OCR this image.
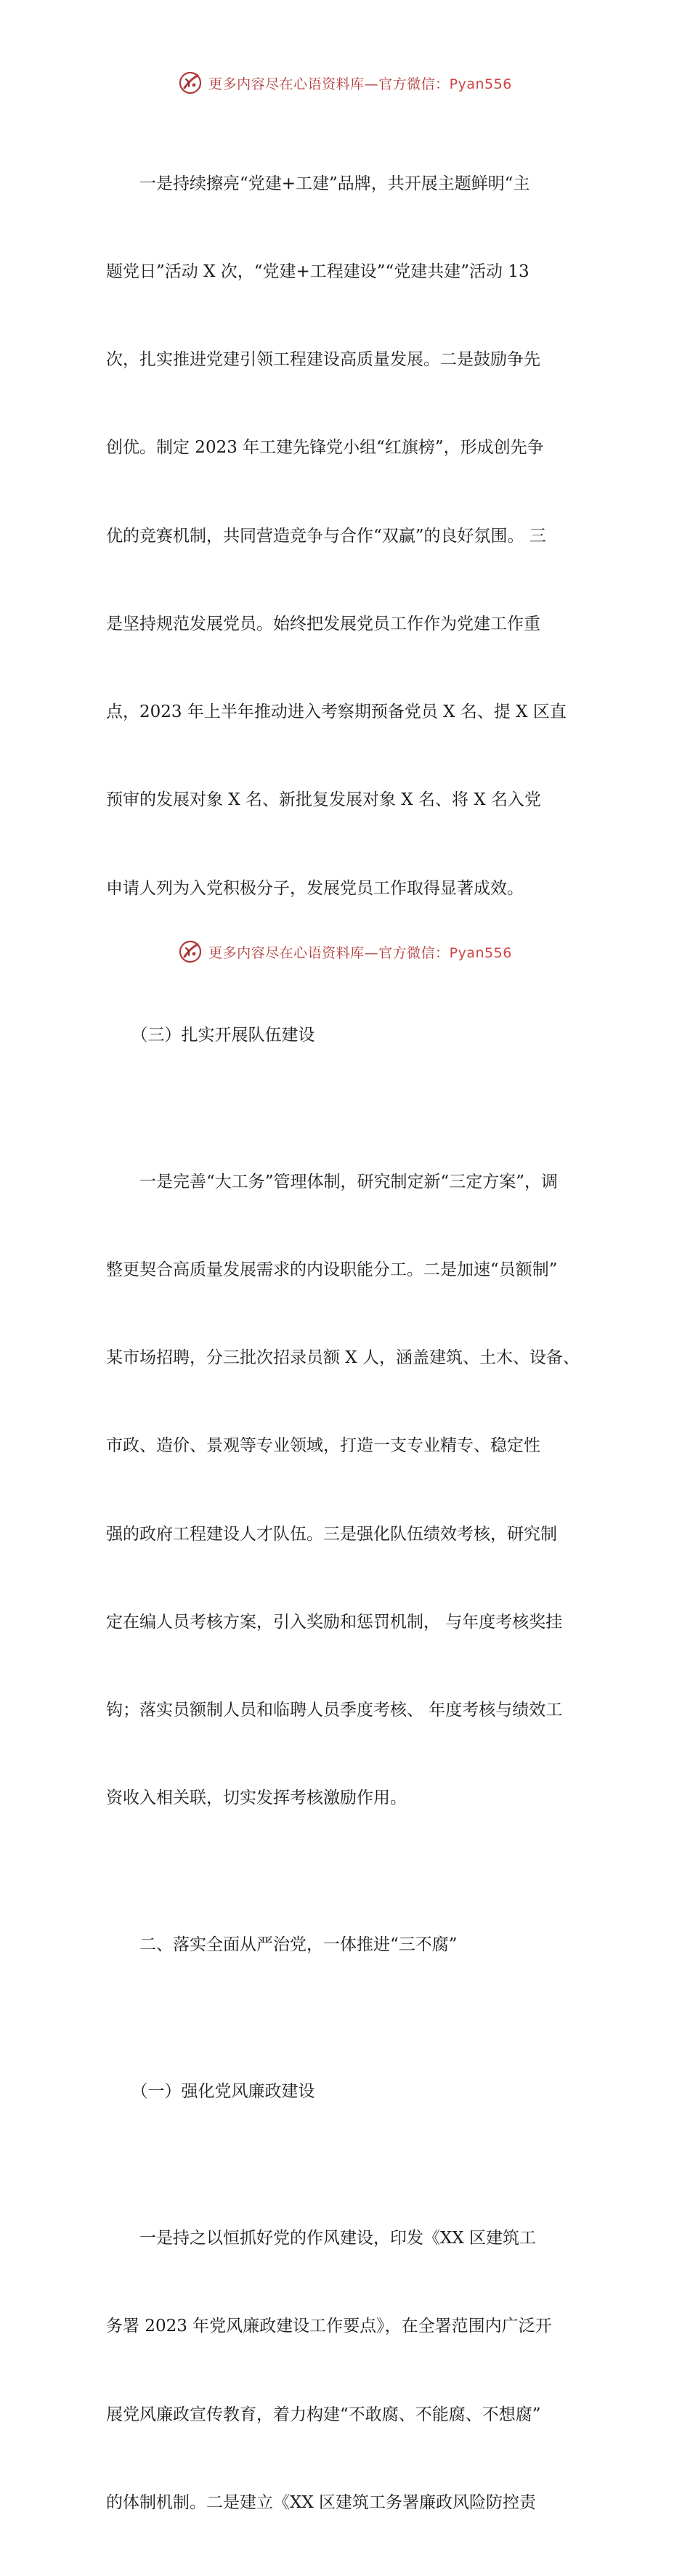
更多内容尽在心语资料库—官方微信：Pyan556

　　一是持续擦亮“党建+工建”品牌，共开展主题鲜明“主

题党日”活动 X 次，“党建+工程建设”“党建共建”活动 13

次，扎实推进党建引领工程建设高质量发展。二是鼓励争先

创优。制定 2023 年工建先锋党小组“红旗榜”，形成创先争

优的竞赛机制，共同营造竞争与合作“双赢”的良好氛围。 三

是坚持规范发展党员。始终把发展党员工作作为党建工作重

点，2023 年上半年推动进入考察期预备党员 X 名、提 X 区直

预审的发展对象 X 名、新批复发展对象 X 名、将 X 名入党

申请人列为入党积极分子，发展党员工作取得显著成效。

　　（三）扎实开展队伍建设

　　一是完善“大工务”管理体制，研究制定新“三定方案”，调

整更契合高质量发展需求的内设职能分工。二是加速“员额制”

某市场招聘，分三批次招录员额 X 人，涵盖建筑、土木、设备、

市政、造价、景观等专业领域，打造一支专业精专、稳定性

强的政府工程建设人才队伍。三是强化队伍绩效考核，研究制

定在编人员考核方案，引入奖励和惩罚机制， 与年度考核奖挂

钩；落实员额制人员和临聘人员季度考核、 年度考核与绩效工

资收入相关联，切实发挥考核激励作用。

　　二、落实全面从严治党，一体推进“三不腐”

　　（一）强化党风廉政建设

　　一是持之以恒抓好党的作风建设，印发《XX 区建筑工

务署 2023 年党风廉政建设工作要点》，在全署范围内广泛开

展党风廉政宣传教育，着力构建“不敢腐、不能腐、不想腐”

的体制机制。二是建立《XX 区建筑工务署廉政风险防控责

更多内容尽在心语资料库—官方微信：Pyan556
